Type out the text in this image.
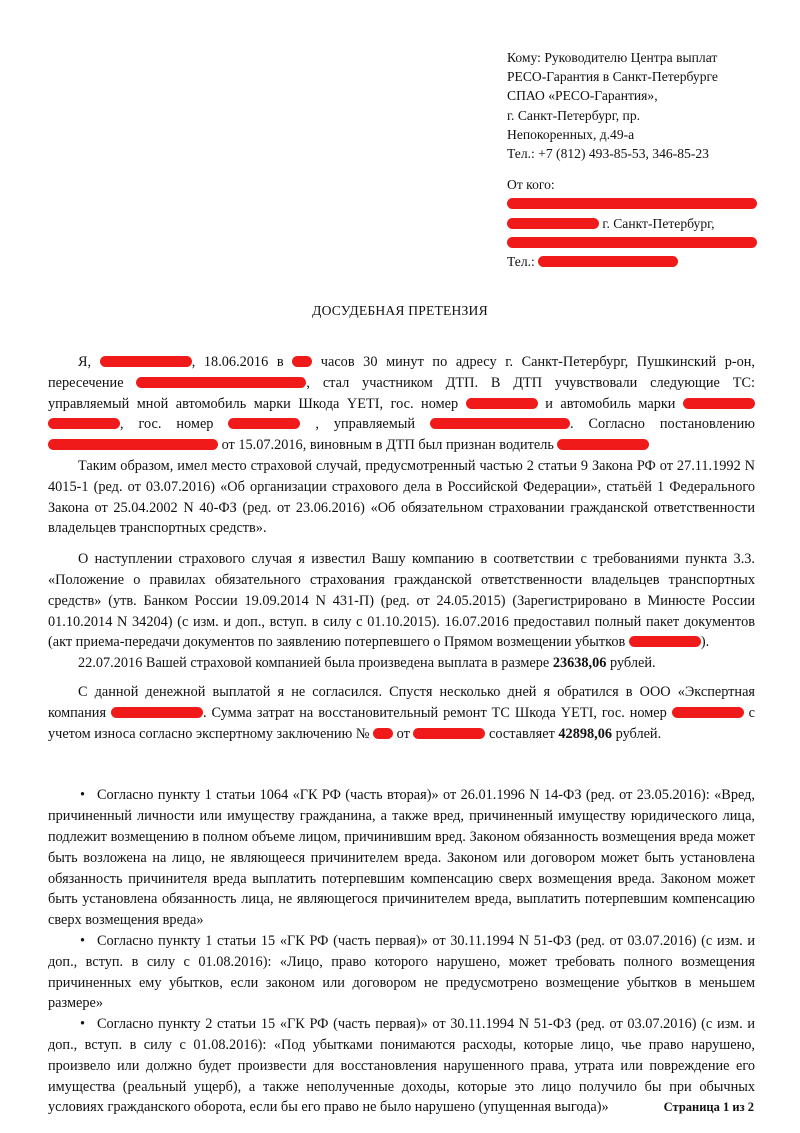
Кому: Руководителю Центра выплат
РЕСО-Гарантия в Санкт-Петербурге
СПАО «РЕСО-Гарантия»,
г. Санкт-Петербург, пр.
Непокоренных, д.49-а
Тел.: +7 (812) 493-85-53, 346-85-23
От кого:
г. Санкт-Петербург,
Тел.:
ДОСУДЕБНАЯ ПРЕТЕНЗИЯ

Я,	, 18.06.2016 в  часов 30 минут по адресу г. Санкт-Петербург, Пушкинский р-он, пересечение	, стал участником ДТП. В ДТП учувствовали следующие ТС: управляемый мной автомобиль марки Шкода YETI, гос. номер	и автомобиль марки  , гос. номер	, управляемый	. Согласно постановлению  от 15.07.2016, виновным в ДТП был признан водитель

Таким образом, имел место страховой случай, предусмотренный частью 2 статьи 9 Закона РФ от 27.11.1992 N 4015-1 (ред. от 03.07.2016) «Об организации страхового дела в Российской Федерации», статьёй 1 Федерального Закона от 25.04.2002 N 40-ФЗ (ред. от 23.06.2016) «Об обязательном страховании гражданской ответственности владельцев транспортных средств».

О наступлении страхового случая я известил Вашу компанию в соответствии с требованиями пункта 3.3. «Положение о правилах обязательного страхования гражданской ответственности владельцев транспортных средств» (утв. Банком России 19.09.2014 N 431-П) (ред. от 24.05.2015) (Зарегистрировано в Минюсте России 01.10.2014 N 34204) (с изм. и доп., вступ. в силу с 01.10.2015). 16.07.2016 предоставил полный пакет документов (акт приема-передачи документов по заявлению потерпевшего о Прямом возмещении убытков	).

22.07.2016 Вашей страховой компанией была произведена выплата в размере 23638,06 рублей.

С данной денежной выплатой я не согласился. Спустя несколько дней я обратился в ООО «Экспертная компания	. Сумма затрат на восстановительный ремонт ТС Шкода YETI, гос. номер	с учетом износа согласно экспертному заключению №  от	составляет 42898,06 рублей.

• Согласно пункту 1 статьи 1064 «ГК РФ (часть вторая)» от 26.01.1996 N 14-ФЗ (ред. от 23.05.2016): «Вред, причиненный личности или имуществу гражданина, а также вред, причиненный имуществу юридического лица, подлежит возмещению в полном объеме лицом, причинившим вред. Законом обязанность возмещения вреда может быть возложена на лицо, не являющееся причинителем вреда. Законом или договором может быть установлена обязанность причинителя вреда выплатить потерпевшим компенсацию сверх возмещения вреда. Законом может быть установлена обязанность лица, не являющегося причинителем вреда, выплатить потерпевшим компенсацию сверх возмещения вреда»

• Согласно пункту 1 статьи 15 «ГК РФ (часть первая)» от 30.11.1994 N 51-ФЗ (ред. от 03.07.2016) (с изм. и доп., вступ. в силу с 01.08.2016): «Лицо, право которого нарушено, может требовать полного возмещения причиненных ему убытков, если законом или договором не предусмотрено возмещение убытков в меньшем размере»

• Согласно пункту 2 статьи 15 «ГК РФ (часть первая)» от 30.11.1994 N 51-ФЗ (ред. от 03.07.2016) (с изм. и доп., вступ. в силу с 01.08.2016): «Под убытками понимаются расходы, которые лицо, чье право нарушено, произвело или должно будет произвести для восстановления нарушенного права, утрата или повреждение его имущества (реальный ущерб), а также неполученные доходы, которые это лицо получило бы при обычных условиях гражданского оборота, если бы его право не было нарушено (упущенная выгода)»	Страница 1 из 2
